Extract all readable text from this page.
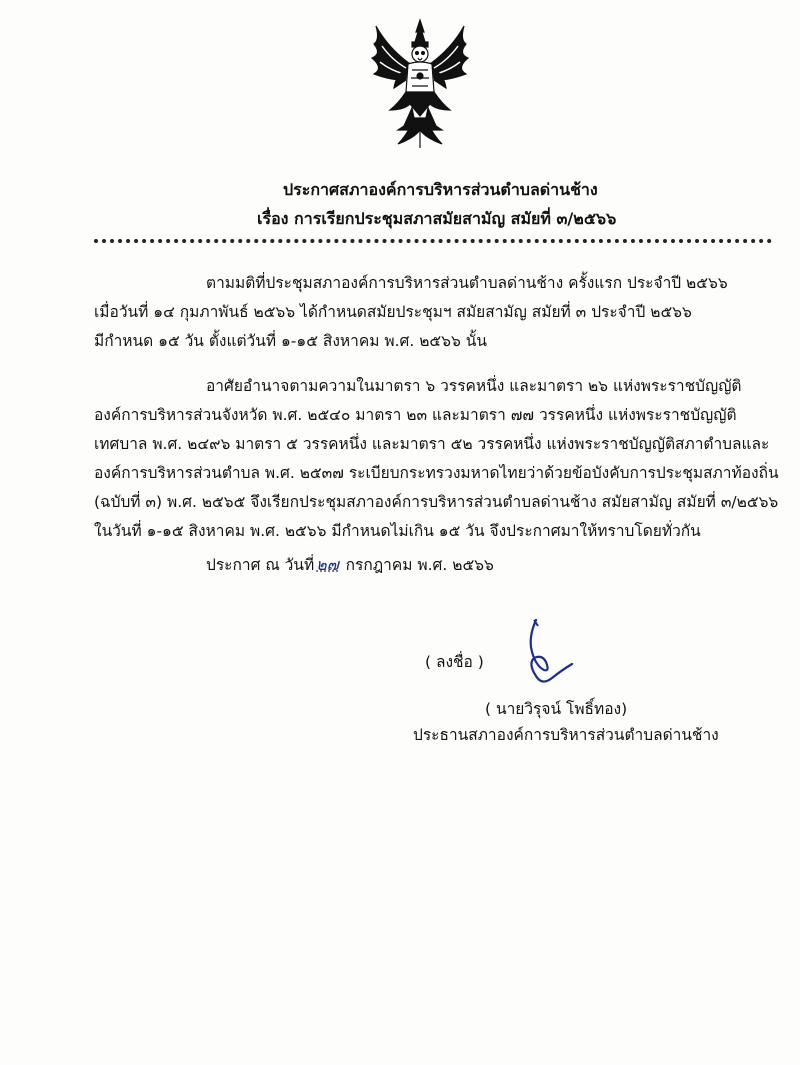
ประกาศสภาองค์การบริหารส่วนตำบลด่านช้าง
เรื่อง การเรียกประชุมสภาสมัยสามัญ สมัยที่ ๓/๒๕๖๖
ตามมติที่ประชุมสภาองค์การบริหารส่วนตำบลด่านช้าง ครั้งแรก ประจำปี ๒๕๖๖
เมื่อวันที่ ๑๔ กุมภาพันธ์ ๒๕๖๖ ได้กำหนดสมัยประชุมฯ สมัยสามัญ สมัยที่ ๓ ประจำปี ๒๕๖๖
มีกำหนด ๑๕ วัน ตั้งแต่วันที่ ๑-๑๕ สิงหาคม พ.ศ. ๒๕๖๖ นั้น
อาศัยอำนาจตามความในมาตรา ๖ วรรคหนึ่ง และมาตรา ๒๖ แห่งพระราชบัญญัติ
องค์การบริหารส่วนจังหวัด พ.ศ. ๒๕๔๐ มาตรา ๒๓ และมาตรา ๗๗ วรรคหนึ่ง แห่งพระราชบัญญัติ
เทศบาล พ.ศ. ๒๔๙๖ มาตรา ๕ วรรคหนึ่ง และมาตรา ๕๒ วรรคหนึ่ง แห่งพระราชบัญญัติสภาตำบลและ
องค์การบริหารส่วนตำบล พ.ศ. ๒๕๓๗ ระเบียบกระทรวงมหาดไทยว่าด้วยข้อบังคับการประชุมสภาท้องถิ่น
(ฉบับที่ ๓) พ.ศ. ๒๕๖๕ จึงเรียกประชุมสภาองค์การบริหารส่วนตำบลด่านช้าง สมัยสามัญ สมัยที่ ๓/๒๕๖๖
ในวันที่ ๑-๑๕ สิงหาคม พ.ศ. ๒๕๖๖ มีกำหนดไม่เกิน ๑๕ วัน จึงประกาศมาให้ทราบโดยทั่วกัน
ประกาศ ณ วันที่ ๒๗ กรกฎาคม พ.ศ. ๒๕๖๖
( ลงชื่อ )
( นายวิรุจน์ โพธิ์ทอง)
ประธานสภาองค์การบริหารส่วนตำบลด่านช้าง
